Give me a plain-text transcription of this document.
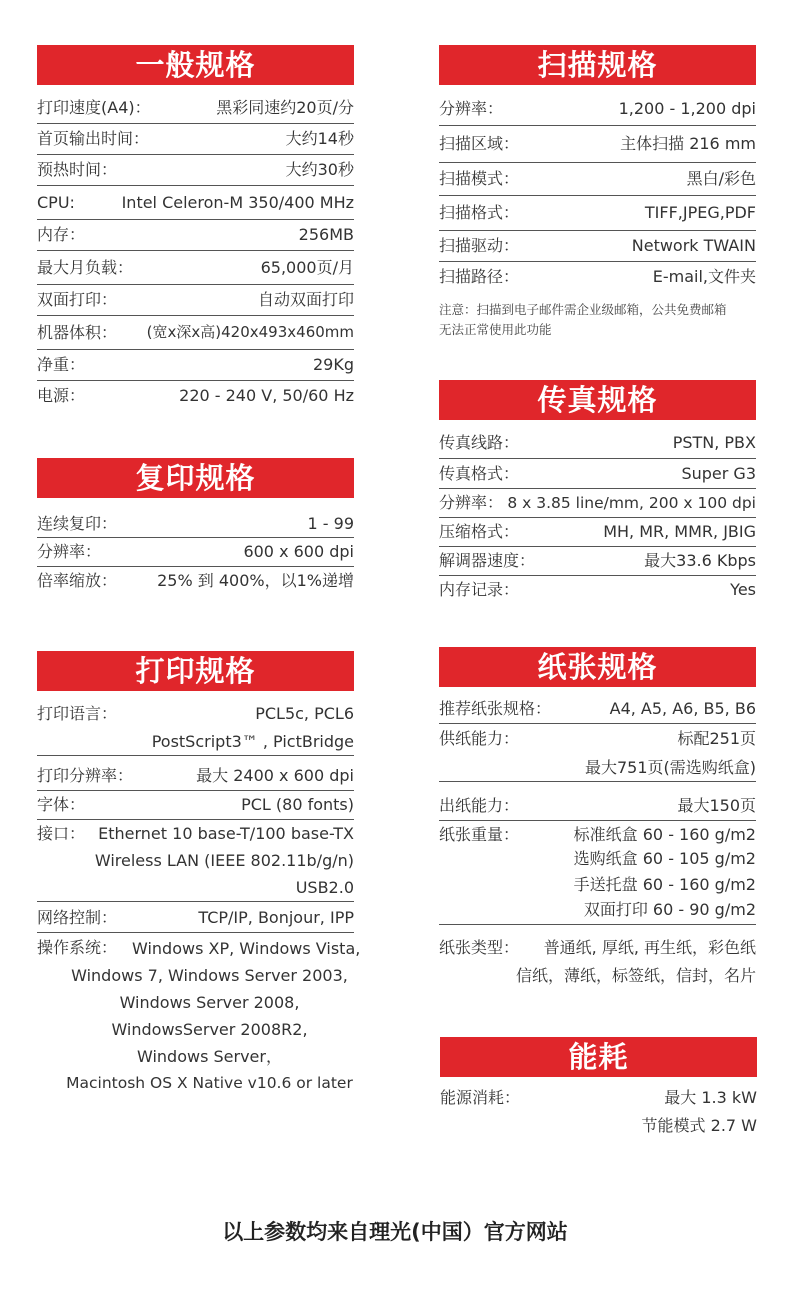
一般规格
打印速度(A4)：	黑彩同速约20页/分
首页输出时间：	大约14秒
预热时间：	大约30秒
CPU:	Intel Celeron-M 350/400 MHz
内存：	256MB
最大月负载：	65,000页/月
双面打印：	自动双面打印
机器体积： (宽x深x高)420x493x460mm
净重：	29Kg
电源：	220 - 240 V, 50/60 Hz
复印规格
连续复印：	1 - 99
分辨率：	600 x 600 dpi
倍率缩放：	25% 到 400%，以1%递增
打印规格
打印语言：	PCL5c, PCL6
PostScript3™ , PictBridge
打印分辨率：	最大 2400 x 600 dpi
字体：	PCL (80 fonts)
接口： Ethernet 10 base-T/100 base-TX
Wireless LAN (IEEE 802.11b/g/n)
USB2.0
网络控制：	TCP/IP, Bonjour, IPP
操作系统： Windows XP, Windows Vista,
Windows 7, Windows Server 2003,
Windows Server 2008,
WindowsServer 2008R2,
Windows Server，
Macintosh OS X Native v10.6 or later
扫描规格
分辨率：	1,200 - 1,200 dpi
扫描区域：	主体扫描 216 mm
扫描模式：	黑白/彩色
扫描格式：	TIFF,JPEG,PDF
扫描驱动：	Network TWAIN
扫描路径：	E-mail,文件夹
注意：扫描到电子邮件需企业级邮箱，公共免费邮箱
无法正常使用此功能
传真规格
传真线路：	PSTN, PBX
传真格式：	Super G3
分辨率： 8 x 3.85 line/mm, 200 x 100 dpi
压缩格式：	MH, MR, MMR, JBIG
解调器速度：	最大33.6 Kbps
内存记录：	Yes
纸张规格
推荐纸张规格：	A4, A5, A6, B5, B6
供纸能力：	标配251页
最大751页(需选购纸盒)
出纸能力：	最大150页
纸张重量：	标准纸盒 60 - 160 g/m2
选购纸盒 60 - 105 g/m2
手送托盘 60 - 160 g/m2
双面打印 60 - 90 g/m2
纸张类型： 普通纸, 厚纸, 再生纸，彩色纸
信纸，薄纸，标签纸，信封，名片
能耗
能源消耗：	最大 1.3 kW
节能模式 2.7 W
以上参数均来自理光(中国）官方网站
